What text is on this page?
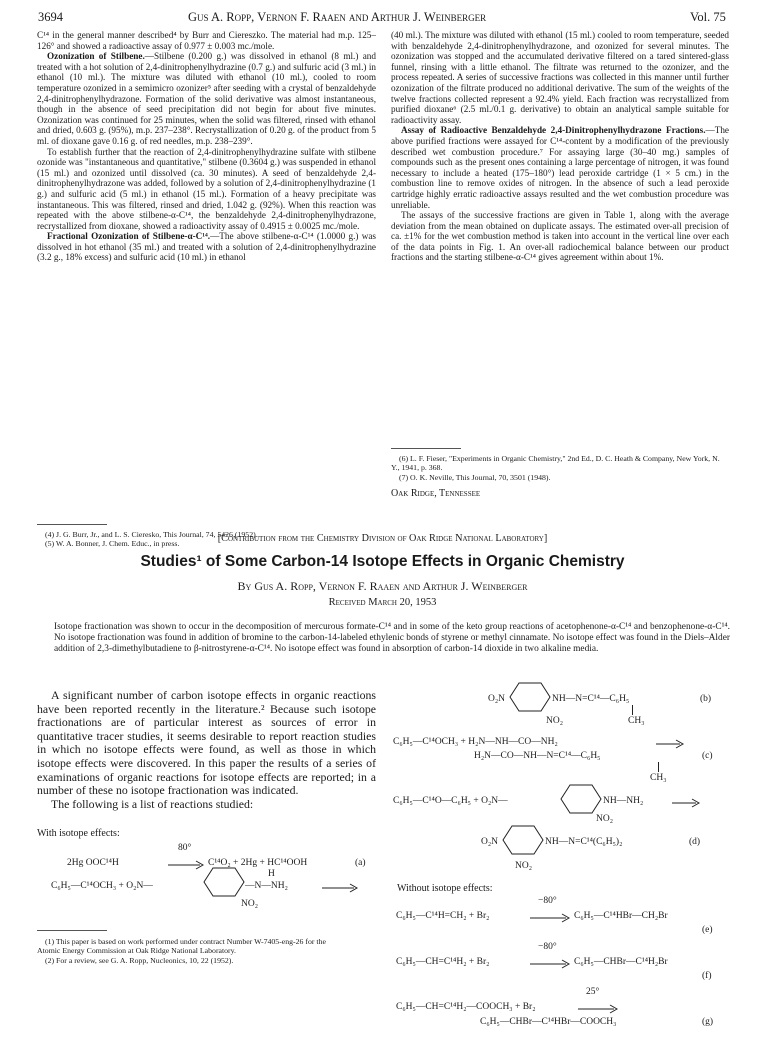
3694	Gus A. Ropp, Vernon F. Raaen and Arthur J. Weinberger	Vol. 75

C¹⁴ in the general manner described⁴ by Burr and Ciereszko. The material had m.p. 125–126° and showed a radioactive assay of 0.977 ± 0.003 mc./mole.

Ozonization of Stilbene.—Stilbene (0.200 g.) was dissolved in ethanol (8 ml.) and treated with a hot solution of 2,4-dinitrophenylhydrazine (0.7 g.) and sulfuric acid (3 ml.) in ethanol (10 ml.). The mixture was diluted with ethanol (10 ml.), cooled to room temperature ozonized in a semimicro ozonizer⁵ after seeding with a crystal of benzaldehyde 2,4-dinitrophenylhydrazone. Formation of the solid derivative was almost instantaneous, though in the absence of seed precipitation did not begin for about five minutes. Ozonization was continued for 25 minutes, when the solid was filtered, rinsed with ethanol and dried, 0.603 g. (95%), m.p. 237–238°. Recrystallization of 0.20 g. of the product from 5 ml. of dioxane gave 0.16 g. of red needles, m.p. 238–239°.

To establish further that the reaction of 2,4-dinitrophenylhydrazine sulfate with stilbene ozonide was "instantaneous and quantitative," stilbene (0.3604 g.) was suspended in ethanol (15 ml.) and ozonized until dissolved (ca. 30 minutes). A seed of benzaldehyde 2,4-dinitrophenylhydrazone was added, followed by a solution of 2,4-dinitrophenylhydrazine (1 g.) and sulfuric acid (5 ml.) in ethanol (15 ml.). Formation of a heavy precipitate was instantaneous. This was filtered, rinsed and dried, 1.042 g. (92%). When this reaction was repeated with the above stilbene-α-C¹⁴, the benzaldehyde 2,4-dinitrophenylhydrazone, recrystallized from dioxane, showed a radioactivity assay of 0.4915 ± 0.0025 mc./mole.

Fractional Ozonization of Stilbene-α-C¹⁴.—The above stilbene-α-C¹⁴ (1.0000 g.) was dissolved in hot ethanol (35 ml.) and treated with a solution of 2,4-dinitrophenylhydrazine (3.2 g., 18% excess) and sulfuric acid (10 ml.) in ethanol

(4) J. G. Burr, Jr., and L. S. Cieresko, This Journal, 74, 5426 (1952).
(5) W. A. Bonner, J. Chem. Educ., in press.

(40 ml.). The mixture was diluted with ethanol (15 ml.) cooled to room temperature, seeded with benzaldehyde 2,4-dinitrophenylhydrazone, and ozonized for several minutes. The ozonization was stopped and the accumulated derivative filtered on a tared sintered-glass funnel, rinsing with a little ethanol. The filtrate was returned to the ozonizer, and the process repeated. A series of successive fractions was collected in this manner until further ozonization of the filtrate produced no additional derivative. The sum of the weights of the twelve fractions collected represent a 92.4% yield. Each fraction was recrystallized from purified dioxane⁶ (2.5 ml./0.1 g. derivative) to obtain an analytical sample suitable for radioactivity assay.

Assay of Radioactive Benzaldehyde 2,4-Dinitrophenylhydrazone Fractions.—The above purified fractions were assayed for C¹⁴-content by a modification of the previously described wet combustion procedure.⁷ For assaying large (30–40 mg.) samples of compounds such as the present ones containing a large percentage of nitrogen, it was found necessary to include a heated (175–180°) lead peroxide cartridge (1 × 5 cm.) in the combustion line to remove oxides of nitrogen. In the absence of such a lead peroxide cartridge highly erratic radioactive assays resulted and the wet combustion procedure was unreliable.

The assays of the successive fractions are given in Table 1, along with the average deviation from the mean obtained on duplicate assays. The estimated over-all precision of ca. ±1% for the wet combustion method is taken into account in the vertical line over each of the data points in Fig. 1. An over-all radiochemical balance between our product fractions and the starting stilbene-α-C¹⁴ gives agreement within about 1%.

(6) L. F. Fieser, "Experiments in Organic Chemistry," 2nd Ed., D. C. Heath & Company, New York, N. Y., 1941, p. 368.
(7) O. K. Neville, This Journal, 70, 3501 (1948).
Oak Ridge, Tennessee
[Contribution from the Chemistry Division of Oak Ridge National Laboratory]
Studies¹ of Some Carbon-14 Isotope Effects in Organic Chemistry
By Gus A. Ropp, Vernon F. Raaen and Arthur J. Weinberger
Received March 20, 1953
Isotope fractionation was shown to occur in the decomposition of mercurous formate-C¹⁴ and in some of the keto group reactions of acetophenone-α-C¹⁴ and benzophenone-α-C¹⁴. No isotope fractionation was found in addition of bromine to the carbon-14-labeled ethylenic bonds of styrene or methyl cinnamate. No isotope effect was found in the Diels–Alder addition of 2,3-dimethylbutadiene to β-nitrostyrene-α-C¹⁴. No isotope effect was found in absorption of carbon-14 dioxide in two alkaline media.

A significant number of carbon isotope effects in organic reactions have been reported recently in the literature.² Because such isotope fractionations are of particular interest as sources of error in quantitative tracer studies, it seems desirable to report reaction studies in which no isotope effects were found, as well as those in which isotope effects were discovered. In this paper the results of a series of examinations of organic reactions for isotope effects are reported; in a number of these no isotope fractionation was indicated.

The following is a list of reactions studied:

With isotope effects:
80°
2Hg OOC¹⁴H	C¹⁴O₂ + 2Hg + HC¹⁴OOH	(a)
H
C₆H₅—C¹⁴OCH₃ + O₂N—	—N—NH₂
NO₂
(1) This paper is based on work performed under contract Number W-7405-eng-26 for the Atomic Energy Commission at Oak Ridge National Laboratory.
(2) For a review, see G. A. Ropp, Nucleonics, 10, 22 (1952).
O₂N	NH—N=C¹⁴—C₆H₅	(b)
NO₂	CH₃
C₆H₅—C¹⁴OCH₃ + H₂N—NH—CO—NH₂
H₂N—CO—NH—N=C¹⁴—C₆H₅	(c)
CH₃
C₆H₅—C¹⁴O—C₆H₅ + O₂N—	NH—NH₂
NO₂
O₂N	NH—N=C¹⁴(C₆H₅)₂	(d)
NO₂
Without isotope effects:
−80°
C₆H₅—C¹⁴H=CH₂ + Br₂	C₆H₅—C¹⁴HBr—CH₂Br
(e)
−80°
C₆H₅—CH=C¹⁴H₂ + Br₂	C₆H₅—CHBr—C¹⁴H₂Br
(f)
25°
C₆H₅—CH=C¹⁴H₂—COOCH₃ + Br₂
C₆H₅—CHBr—C¹⁴HBr—COOCH₃	(g)
